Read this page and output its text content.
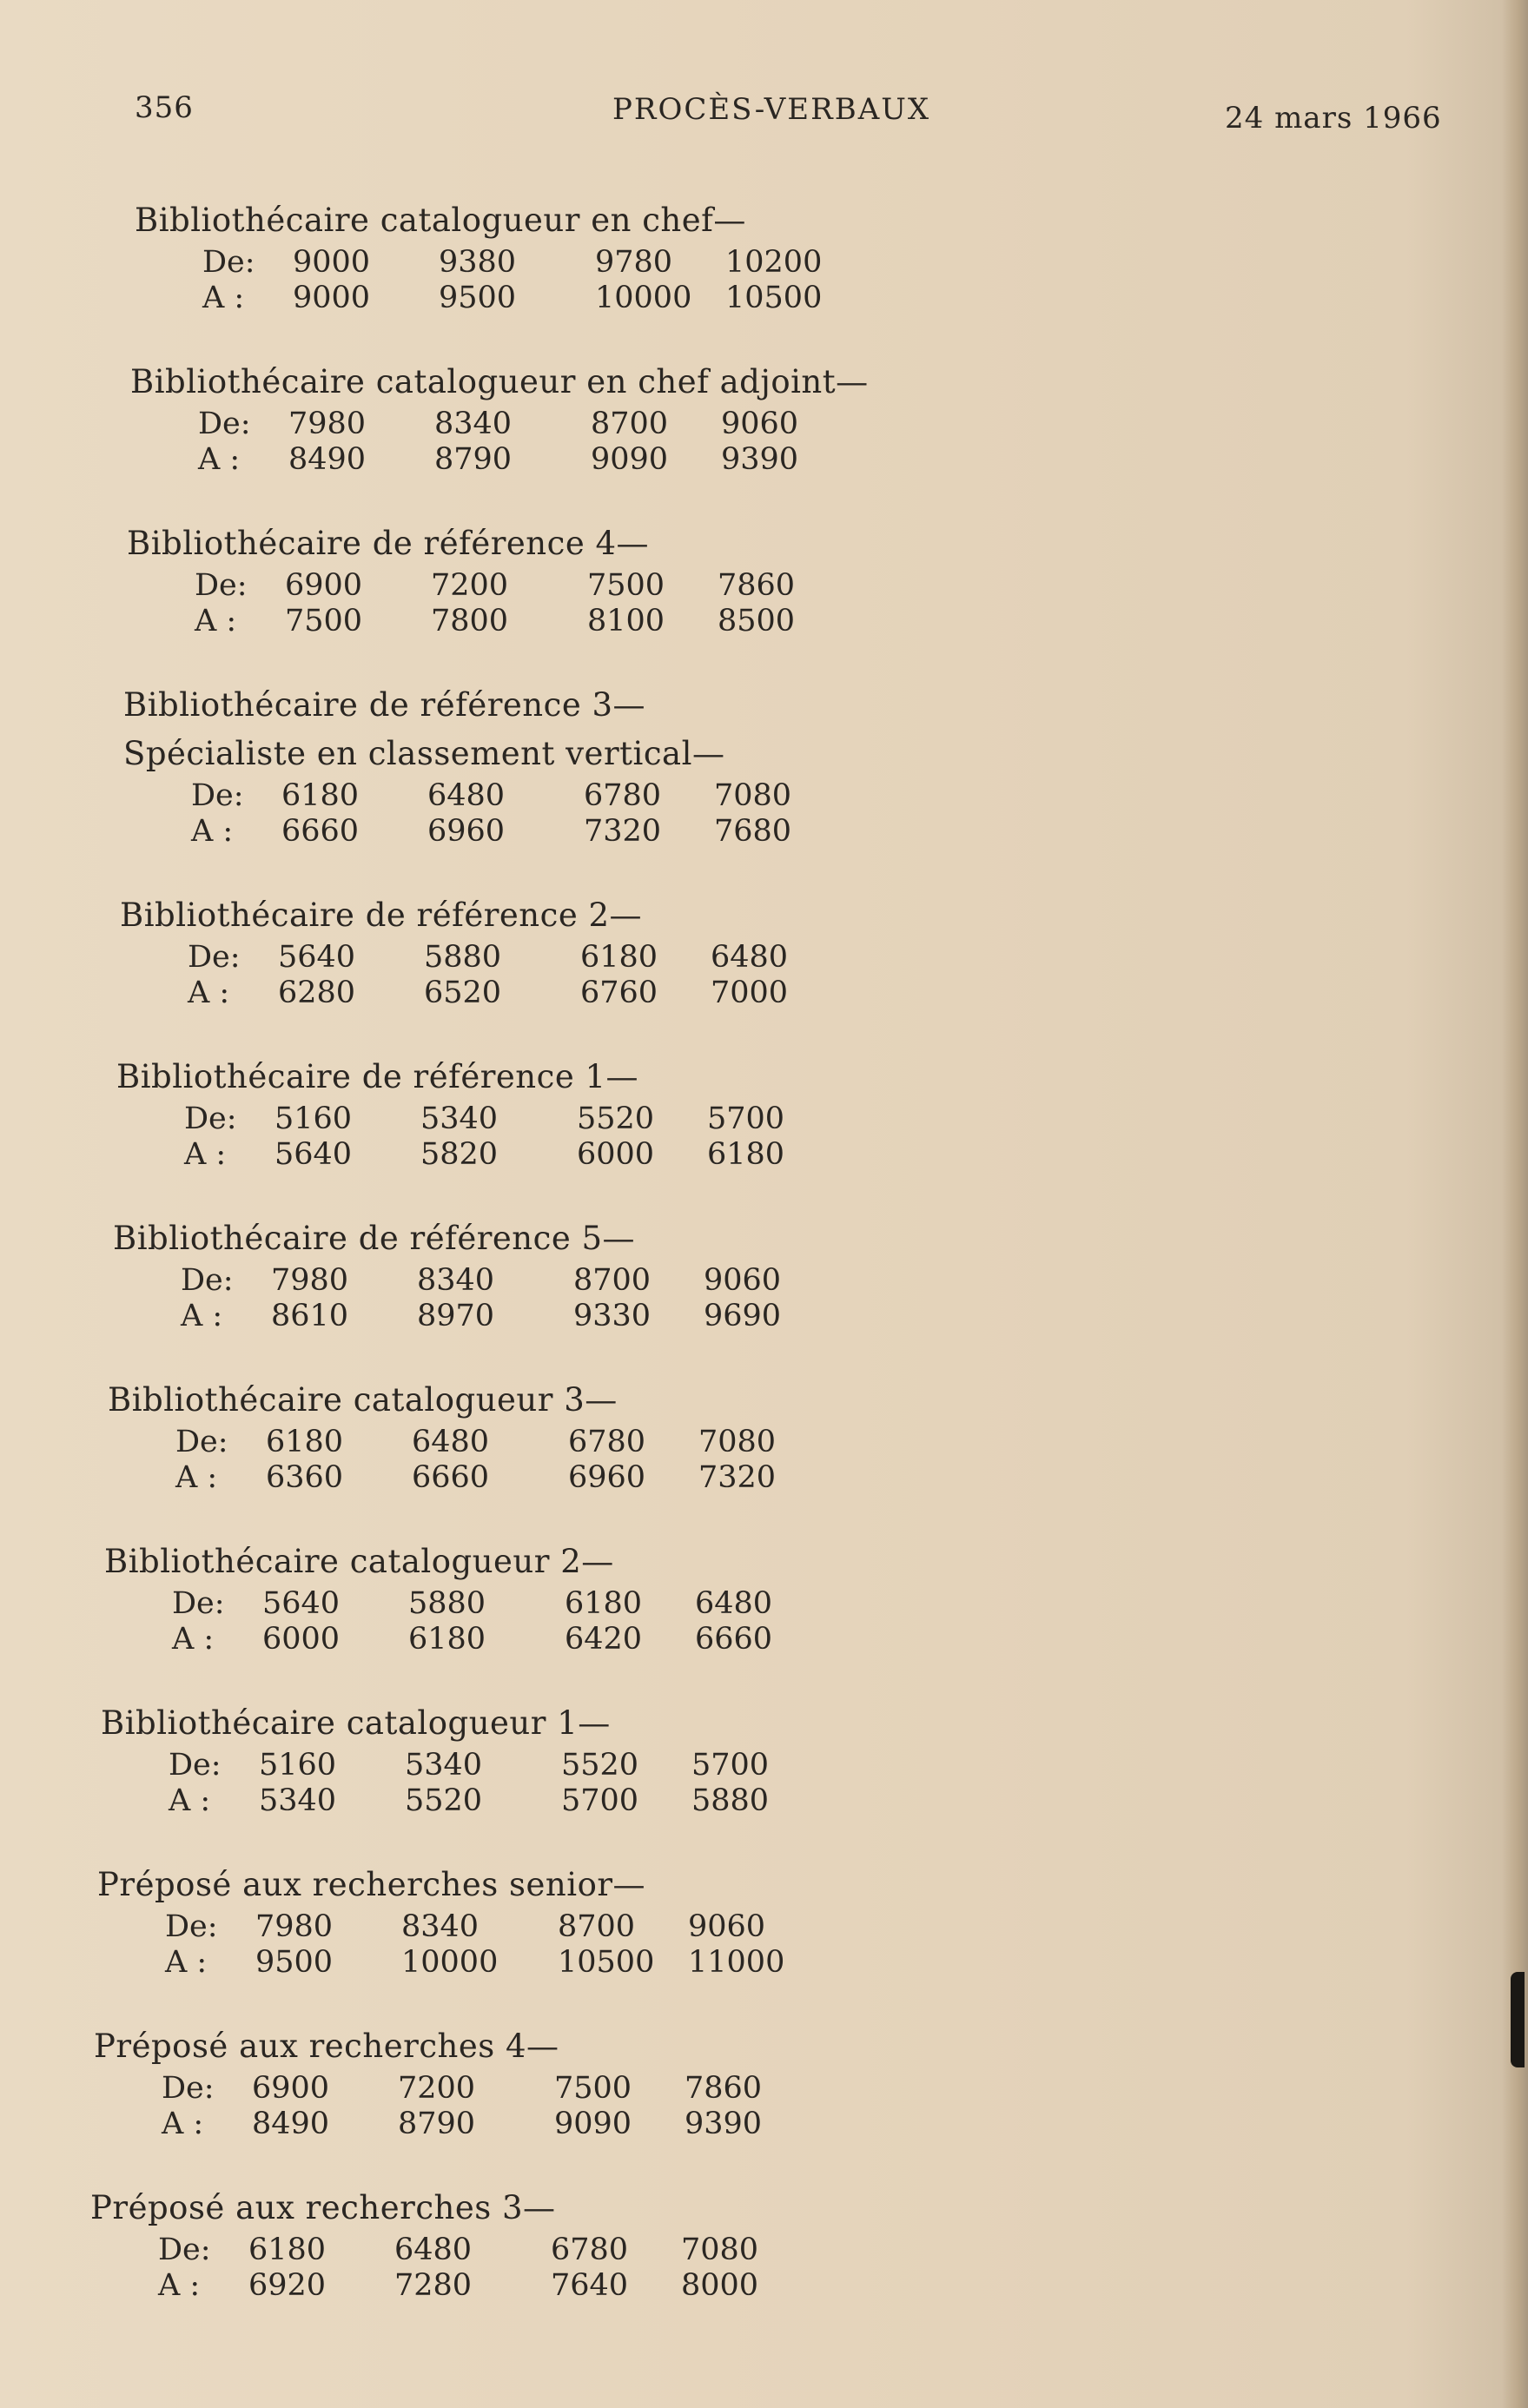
356	PROCÈS-VERBAUX	24 mars 1966
Bibliothécaire catalogueur en chef—
De: 9000 9380	9780 10200
A : 9000 9500	10000 10500
Bibliothécaire catalogueur en chef adjoint—
De: 7980 8340	8700 9060
A : 8490 8790	9090 9390
Bibliothécaire de référence 4—
De: 6900 7200	7500 7860
A : 7500 7800	8100 8500
Bibliothécaire de référence 3—
Spécialiste en classement vertical—
De: 6180 6480	6780 7080
A : 6660 6960	7320 7680
Bibliothécaire de référence 2—
De: 5640 5880	6180 6480
A : 6280 6520	6760 7000
Bibliothécaire de référence 1—
De: 5160 5340	5520 5700
A : 5640 5820	6000 6180
Bibliothécaire de référence 5—
De: 7980 8340	8700 9060
A : 8610 8970	9330 9690
Bibliothécaire catalogueur 3—
De: 6180 6480	6780 7080
A : 6360 6660	6960 7320
Bibliothécaire catalogueur 2—
De: 5640 5880	6180 6480
A : 6000 6180	6420 6660
Bibliothécaire catalogueur 1—
De: 5160 5340	5520 5700
A : 5340 5520	5700 5880
Préposé aux recherches senior—
De: 7980 8340	8700 9060
A : 9500 10000 10500 11000
Préposé aux recherches 4—
De: 6900 7200	7500 7860
A : 8490 8790	9090 9390
Préposé aux recherches 3—
De: 6180 6480	6780 7080
A : 6920 7280	7640 8000
